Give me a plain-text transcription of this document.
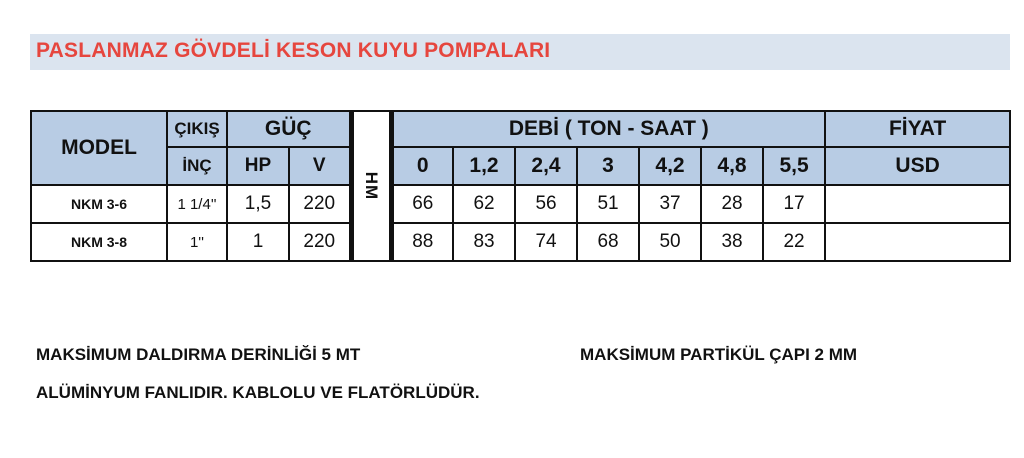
PASLANMAZ GÖVDELİ KESON KUYU POMPALARI
MODEL	ÇIKIŞ	GÜÇ		HM	DEBİ ( TON - SAAT )							FİYAT
	İNÇ	HP	V		0	1,2	2,4	3	4,2	4,8	5,5	USD
NKM 3-6	1 1/4''	1,5	220		66	62	56	51	37	28	17	
NKM 3-8	1''	1	220		88	83	74	68	50	38	22	
MAKSİMUM DALDIRMA DERİNLİĞİ 5 MT	MAKSİMUM PARTİKÜL ÇAPI 2 MM
ALÜMİNYUM FANLIDIR. KABLOLU VE FLATÖRLÜDÜR.
